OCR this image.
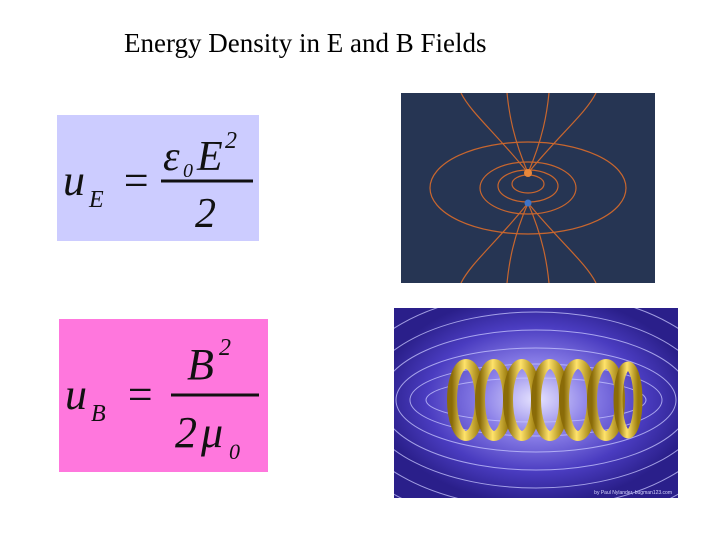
Energy Density in E and B Fields
u E = ε 0 E 2
2
u B =
B 2
2 μ 0
by Paul Nylander, bugman123.com
